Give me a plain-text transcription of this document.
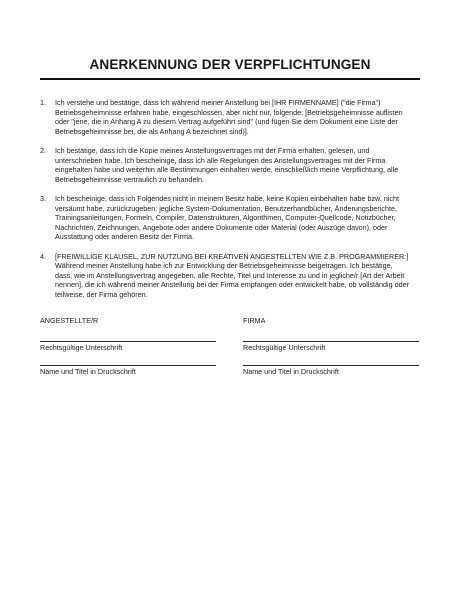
ANERKENNUNG DER VERPFLICHTUNGEN
1. Ich verstehe und bestätige, dass ich während meiner Anstellung bei [IHR FIRMENNAME] ("die Firma") Betriebsgeheimnisse erfahren habe, eingeschlossen, aber nicht nur, folgende: [Betriebsgeheimnisse auflisten oder "jene, die in Anhang A zu diesem Vertrag aufgeführt sind" (und fügen Sie dem Dokument eine Liste der Betriebsgeheimnisse bei, die als Anhang A bezeichnet sind)].
2. Ich bestätige, dass ich die Kopie meines Anstellungsvertrages mit der Firma erhalten, gelesen, und unterschrieben habe. Ich bescheinige, dass ich alle Regelungen des Anstellungsvertrages mit der Firma eingehalten habe und weiterhin alle Bestimmungen einhalten werde, einschließlich meine Verpflichtung, alle Betriebsgeheimnisse vertraulich zu behandeln.
3. Ich bescheinige, dass ich Folgendes nicht in meinem Besitz habe, keine Kopien einbehalten habe bzw. nicht versäumt habe, zurückzugeben: jegliche System-Dokumentation, Benutzerhandbücher, Änderungsberichte, Trainingsanleitungen, Formeln, Compiler, Datenstrukturen, Algorithmen, Computer-Quellcode, Notizbücher, Nachrichten, Zeichnungen, Angebote oder andere Dokumente oder Material (oder Auszüge davon), oder Ausstattung oder anderen Besitz der Firma.
4. [FREIWILLIGE KLAUSEL, ZUR NUTZUNG BEI KREATIVEN ANGESTELLTEN WIE Z.B. PROGRAMMIERER:] Während meiner Anstellung habe ich zur Entwicklung der Betriebsgeheimnisse beigetragen. Ich bestätige, dass, wie im Anstellungsvertrag angegeben, alle Rechte, Titel und Interesse zu und in jegliche/r [Art der Arbeit nennen], die ich während meiner Anstellung bei der Firma empfangen oder entwickelt habe, ob vollständig oder teilweise, der Firma gehören.
ANGESTELLTE/R	FIRMA
Rechtsgültige Unterschrift	Rechtsgültige Unterschrift
Name und Titel in Druckschrift	Name und Titel in Druckschrift
